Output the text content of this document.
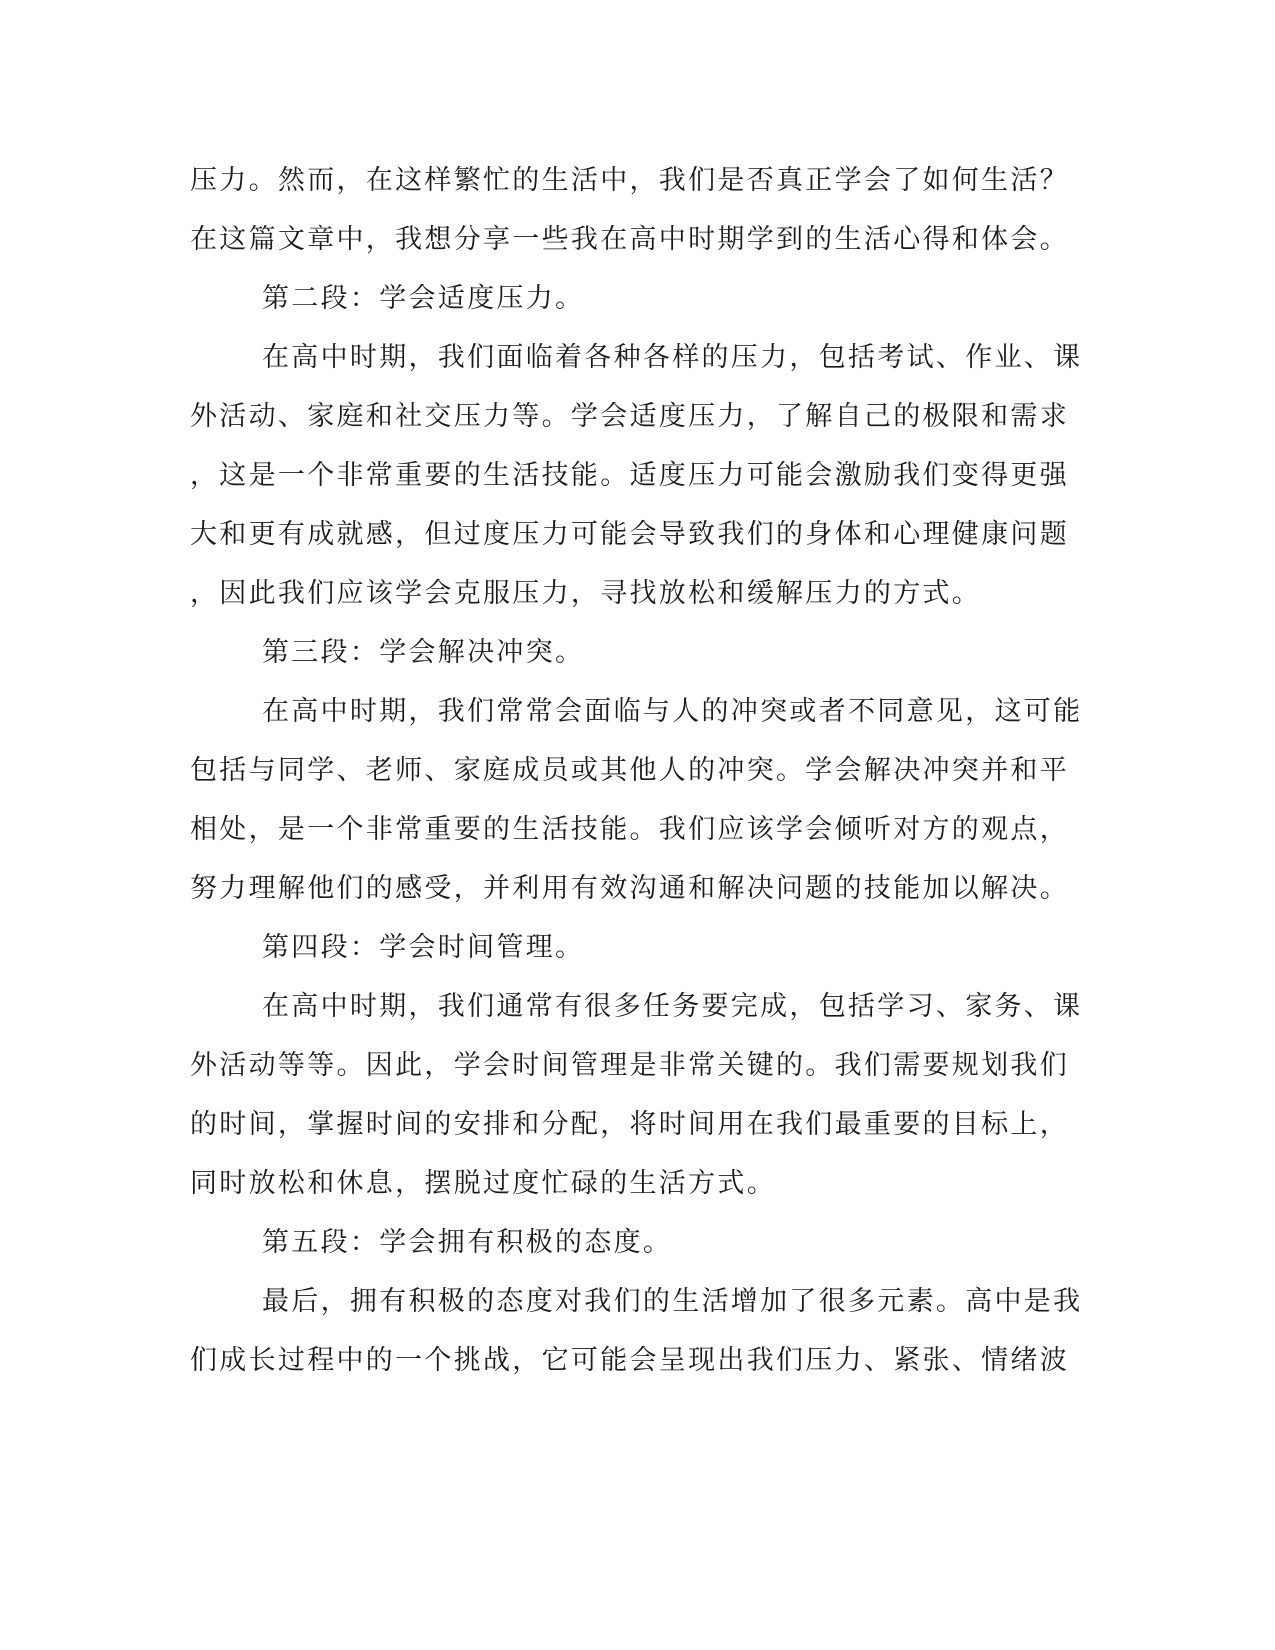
压力。然而，在这样繁忙的生活中，我们是否真正学会了如何生活？

在这篇文章中，我想分享一些我在高中时期学到的生活心得和体会。

第二段：学会适度压力。

在高中时期，我们面临着各种各样的压力，包括考试、作业、课

外活动、家庭和社交压力等。学会适度压力，了解自己的极限和需求

，这是一个非常重要的生活技能。适度压力可能会激励我们变得更强

大和更有成就感，但过度压力可能会导致我们的身体和心理健康问题

，因此我们应该学会克服压力，寻找放松和缓解压力的方式。

第三段：学会解决冲突。

在高中时期，我们常常会面临与人的冲突或者不同意见，这可能

包括与同学、老师、家庭成员或其他人的冲突。学会解决冲突并和平

相处，是一个非常重要的生活技能。我们应该学会倾听对方的观点，

努力理解他们的感受，并利用有效沟通和解决问题的技能加以解决。

第四段：学会时间管理。

在高中时期，我们通常有很多任务要完成，包括学习、家务、课

外活动等等。因此，学会时间管理是非常关键的。我们需要规划我们

的时间，掌握时间的安排和分配，将时间用在我们最重要的目标上，

同时放松和休息，摆脱过度忙碌的生活方式。

第五段：学会拥有积极的态度。

最后，拥有积极的态度对我们的生活增加了很多元素。高中是我

们成长过程中的一个挑战，它可能会呈现出我们压力、紧张、情绪波
